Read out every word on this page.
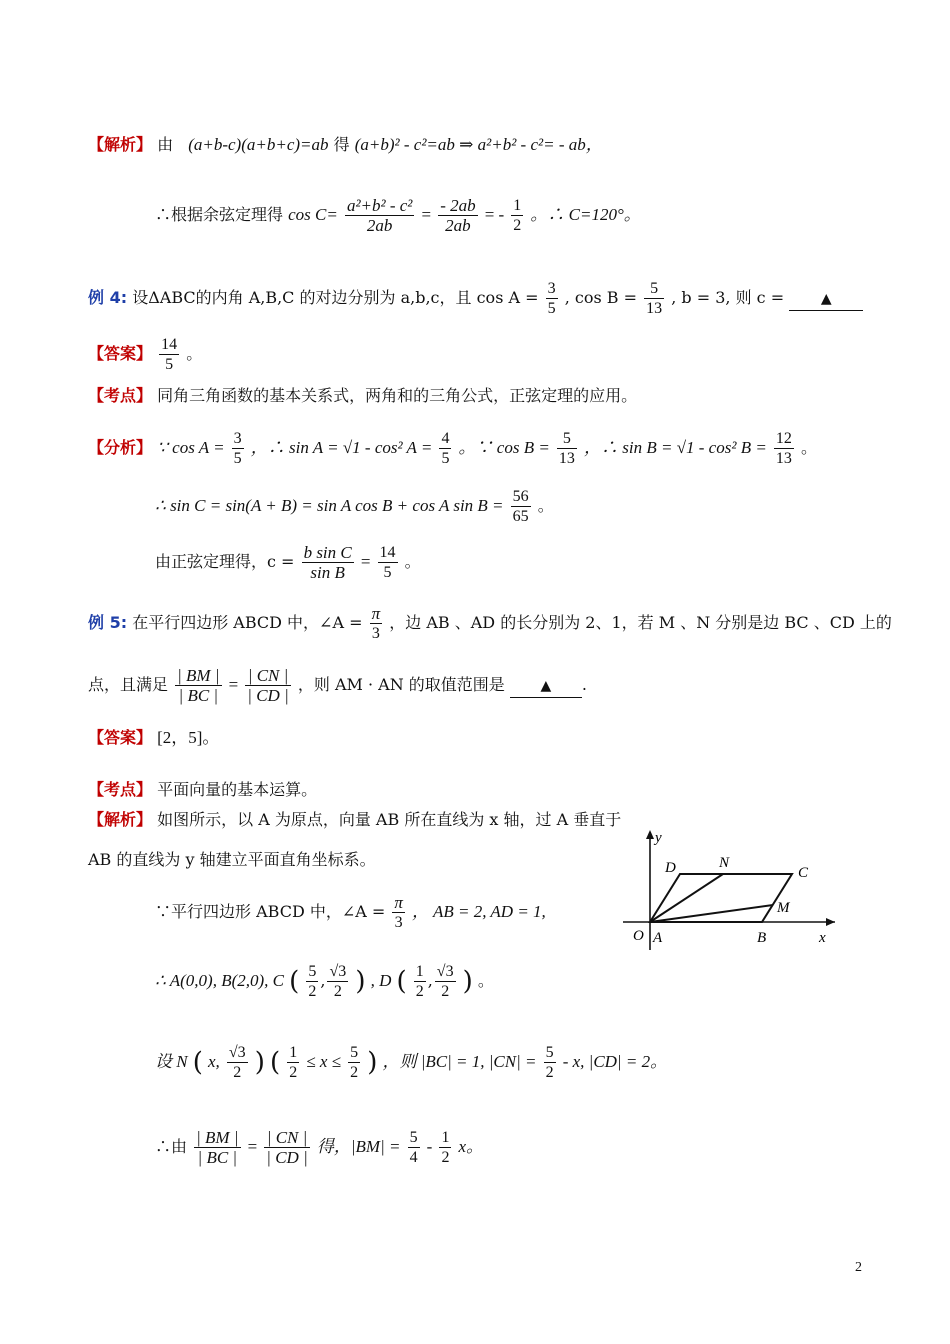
【解析】 由 (a+b-c)(a+b+c)=ab 得 (a+b)² - c²=ab ⇒ a²+b² - c²= - ab，
∴根据余弦定理得 $\cos C= \frac{\text{a²+b² - c²}}{2ab} = \frac{- 2ab}{2ab}$ = - $\frac{1}{2}$ 。∴ C=120°。
例 4: 设ΔABC的内角 A,B,C 的对边分别为 a,b,c，且 $\cos A = \frac{3}{5}$ , $\cos B = \frac{5}{13}$ , b = 3, 则 c =	▲
【答案】 $\frac{14}{5}$ 。
【考点】 同角三角函数的基本关系式，两角和的三角公式，正弦定理的应用。
【分析】 ∵ $\cos A = \frac{3}{5}$ ，∴ sin A = √1 - cos² $A = \frac{4}{5}$ 。∵ $\cos B = \frac{5}{13}$ ，∴ sin B = √1 - cos² $B = \frac{12}{13}$ 。
∴ sin C = sin(A + B) = sin A cos B + cos A $\sin B = \frac{56}{65}$ 。
由正弦定理得，$c = \frac{\text{b sin C}}{\text{sin B}} = \frac{14}{5}$ 。
例 5: 在平行四边形 ABCD 中，∠A = $\frac{\pi}{3}$ ，边 AB 、AD 的长分别为 2、1，若 M 、N 分别是边 BC 、CD 上的
点，且满足 $\frac{| BM |}{| BC |} = \frac{| CN |}{| CD |}$ ，则 AM · AN 的取值范围是	▲ .
【答案】 [2，5]。
【考点】 平面向量的基本运算。
【解析】 如图所示，以 A 为原点，向量 AB 所在直线为 x 轴，过 A 垂直于
AB 的直线为 y 轴建立平面直角坐标系。
∵平行四边形 ABCD 中，∠A = $\frac{\pi}{3}$ ， AB = 2, AD = 1,
∴ A(0,0), B(2,0), C ( $\frac{5}{2}$ , $\frac{√3}{2}$ ) , D ( $\frac{1}{2}$ , $\frac{√3}{2}$ ) 。
设 N ( x, $\frac{√3}{2}$ ) ( $\frac{1}{2} \le x \le \frac{5}{2}$ ) ，则 |BC| = 1, $|CN| = \frac{5}{2} - x$, |CD| = 2。
∴由 $\frac{| BM |}{| BC |} = \frac{| CN |}{| CD |}$ 得，$|BM| = \frac{5}{4} - \frac{1}{2}$ x。
y
x
O A	B
C
D	N
M
2
